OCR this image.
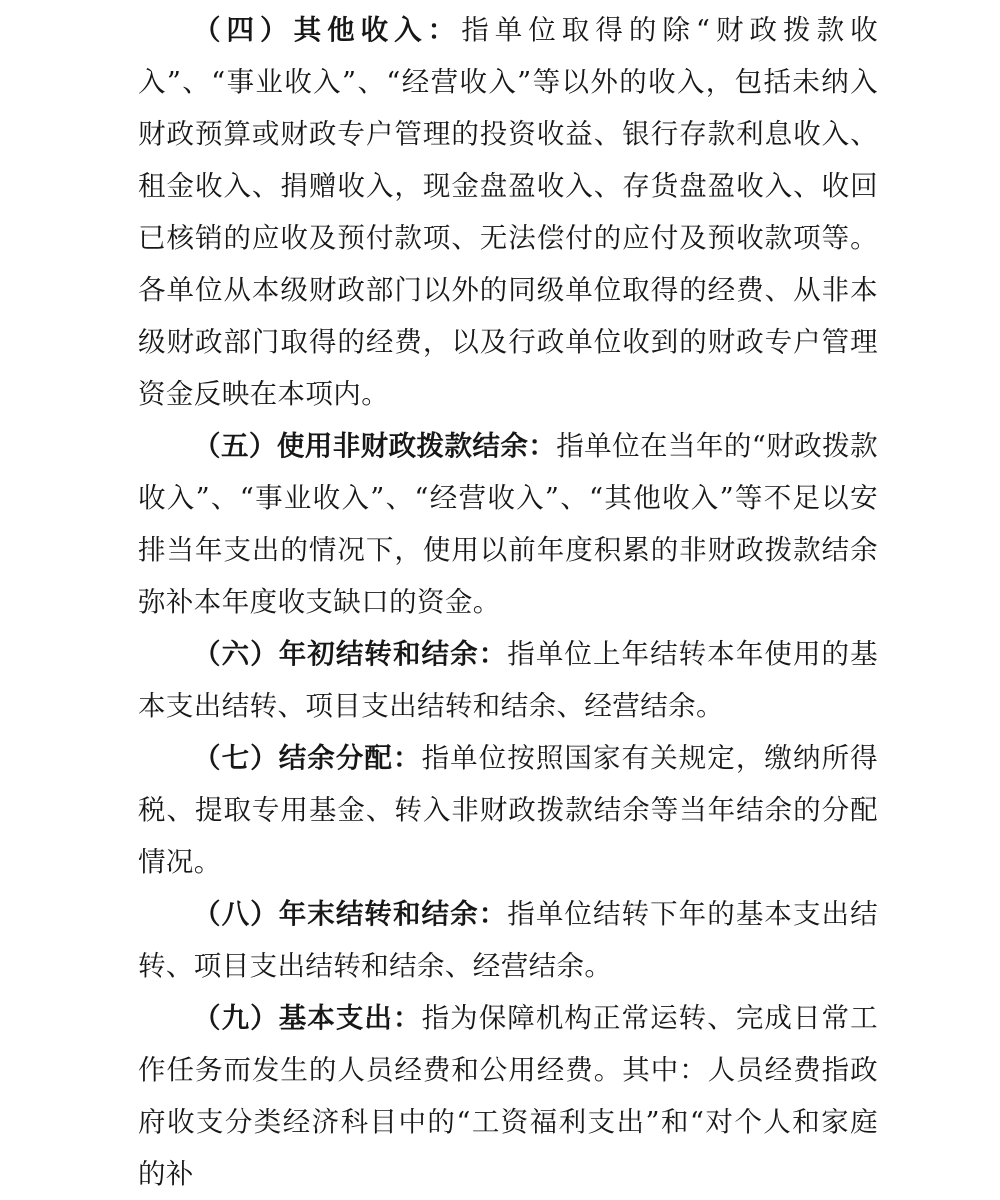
（四）其他收入：指单位取得的除“财政拨款收入”、“事业收入”、“经营收入”等以外的收入，包括未纳入财政预算或财政专户管理的投资收益、银行存款利息收入、租金收入、捐赠收入，现金盘盈收入、存货盘盈收入、收回已核销的应收及预付款项、无法偿付的应付及预收款项等。各单位从本级财政部门以外的同级单位取得的经费、从非本级财政部门取得的经费，以及行政单位收到的财政专户管理资金反映在本项内。

（五）使用非财政拨款结余：指单位在当年的“财政拨款收入”、“事业收入”、“经营收入”、“其他收入”等不足以安排当年支出的情况下，使用以前年度积累的非财政拨款结余弥补本年度收支缺口的资金。

（六）年初结转和结余：指单位上年结转本年使用的基本支出结转、项目支出结转和结余、经营结余。

（七）结余分配：指单位按照国家有关规定，缴纳所得税、提取专用基金、转入非财政拨款结余等当年结余的分配情况。

（八）年末结转和结余：指单位结转下年的基本支出结转、项目支出结转和结余、经营结余。

（九）基本支出：指为保障机构正常运转、完成日常工作任务而发生的人员经费和公用经费。其中：人员经费指政府收支分类经济科目中的“工资福利支出”和“对个人和家庭的补
